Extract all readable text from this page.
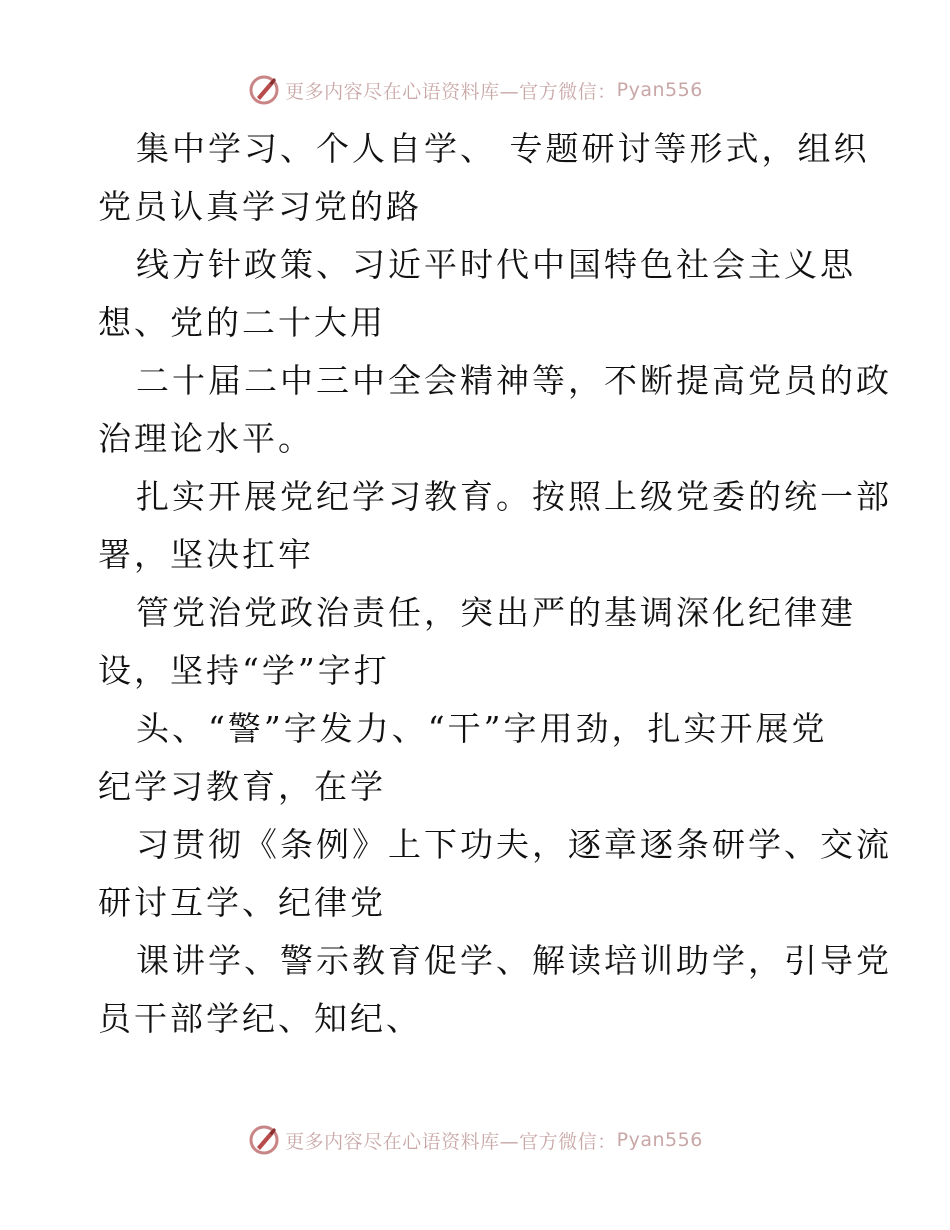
更多内容尽在心语资料库—官方微信： Pyan556

集中学习、个人自学、 专题研讨等形式，组织
党员认真学习党的路

线方针政策、习近平时代中国特色社会主义思
想、党的二十大用

二十届二中三中全会精神等，不断提高党员的政
治理论水平。

扎实开展党纪学习教育。按照上级党委的统一部
署，坚决扛牢

管党治党政治责任，突出严的基调深化纪律建
设，坚持“学”字打

头、“警”字发力、“干”字用劲，扎实开展党
纪学习教育，在学

习贯彻《条例》上下功夫，逐章逐条研学、交流
研讨互学、纪律党

课讲学、警示教育促学、解读培训助学，引导党
员干部学纪、知纪、

更多内容尽在心语资料库—官方微信： Pyan556
